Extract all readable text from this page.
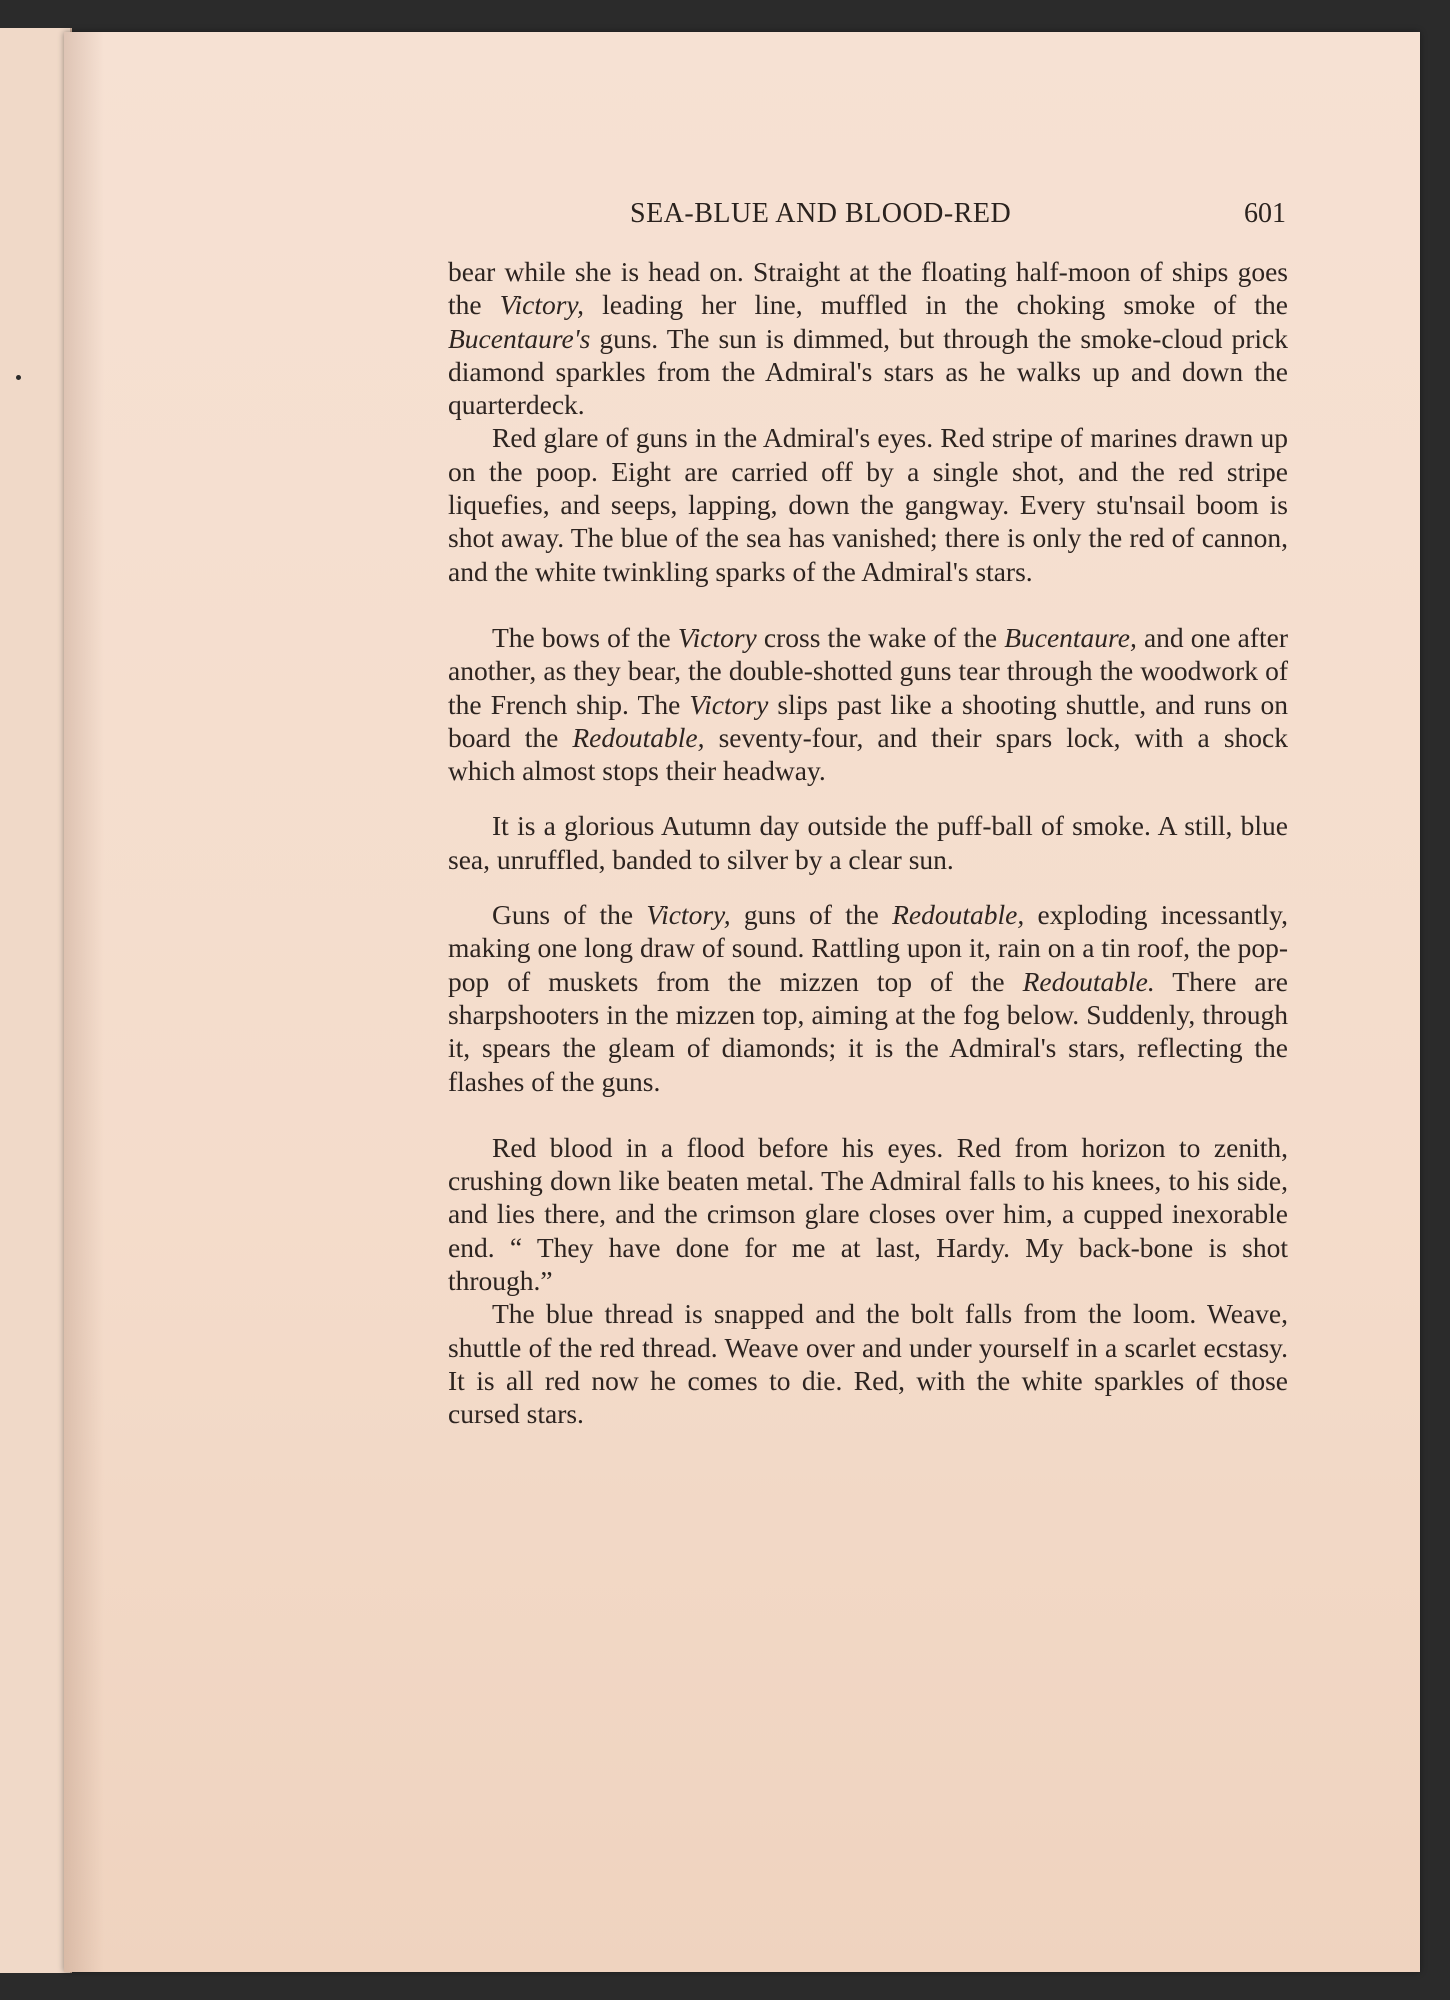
SEA-BLUE AND BLOOD-RED	601

bear while she is head on. Straight at the floating half-moon of ships goes the Victory, leading her line, muffled in the choking smoke of the Bucentaure's guns. The sun is dimmed, but through the smoke-cloud prick diamond sparkles from the Admiral's stars as he walks up and down the quarterdeck.

Red glare of guns in the Admiral's eyes. Red stripe of marines drawn up on the poop. Eight are carried off by a single shot, and the red stripe liquefies, and seeps, lapping, down the gangway. Every stu'nsail boom is shot away. The blue of the sea has vanished; there is only the red of cannon, and the white twinkling sparks of the Admiral's stars.

The bows of the Victory cross the wake of the Bucentaure, and one after another, as they bear, the double-shotted guns tear through the woodwork of the French ship. The Victory slips past like a shooting shuttle, and runs on board the Redoutable, seventy-four, and their spars lock, with a shock which almost stops their headway.

It is a glorious Autumn day outside the puff-ball of smoke. A still, blue sea, unruffled, banded to silver by a clear sun.

Guns of the Victory, guns of the Redoutable, exploding incessantly, making one long draw of sound. Rattling upon it, rain on a tin roof, the pop-pop of muskets from the mizzen top of the Redoutable. There are sharpshooters in the mizzen top, aiming at the fog below. Suddenly, through it, spears the gleam of diamonds; it is the Admiral's stars, reflecting the flashes of the guns.

Red blood in a flood before his eyes. Red from horizon to zenith, crushing down like beaten metal. The Admiral falls to his knees, to his side, and lies there, and the crimson glare closes over him, a cupped inexorable end. “ They have done for me at last, Hardy. My back-bone is shot through.”

The blue thread is snapped and the bolt falls from the loom. Weave, shuttle of the red thread. Weave over and under yourself in a scarlet ecstasy. It is all red now he comes to die. Red, with the white sparkles of those cursed stars.
